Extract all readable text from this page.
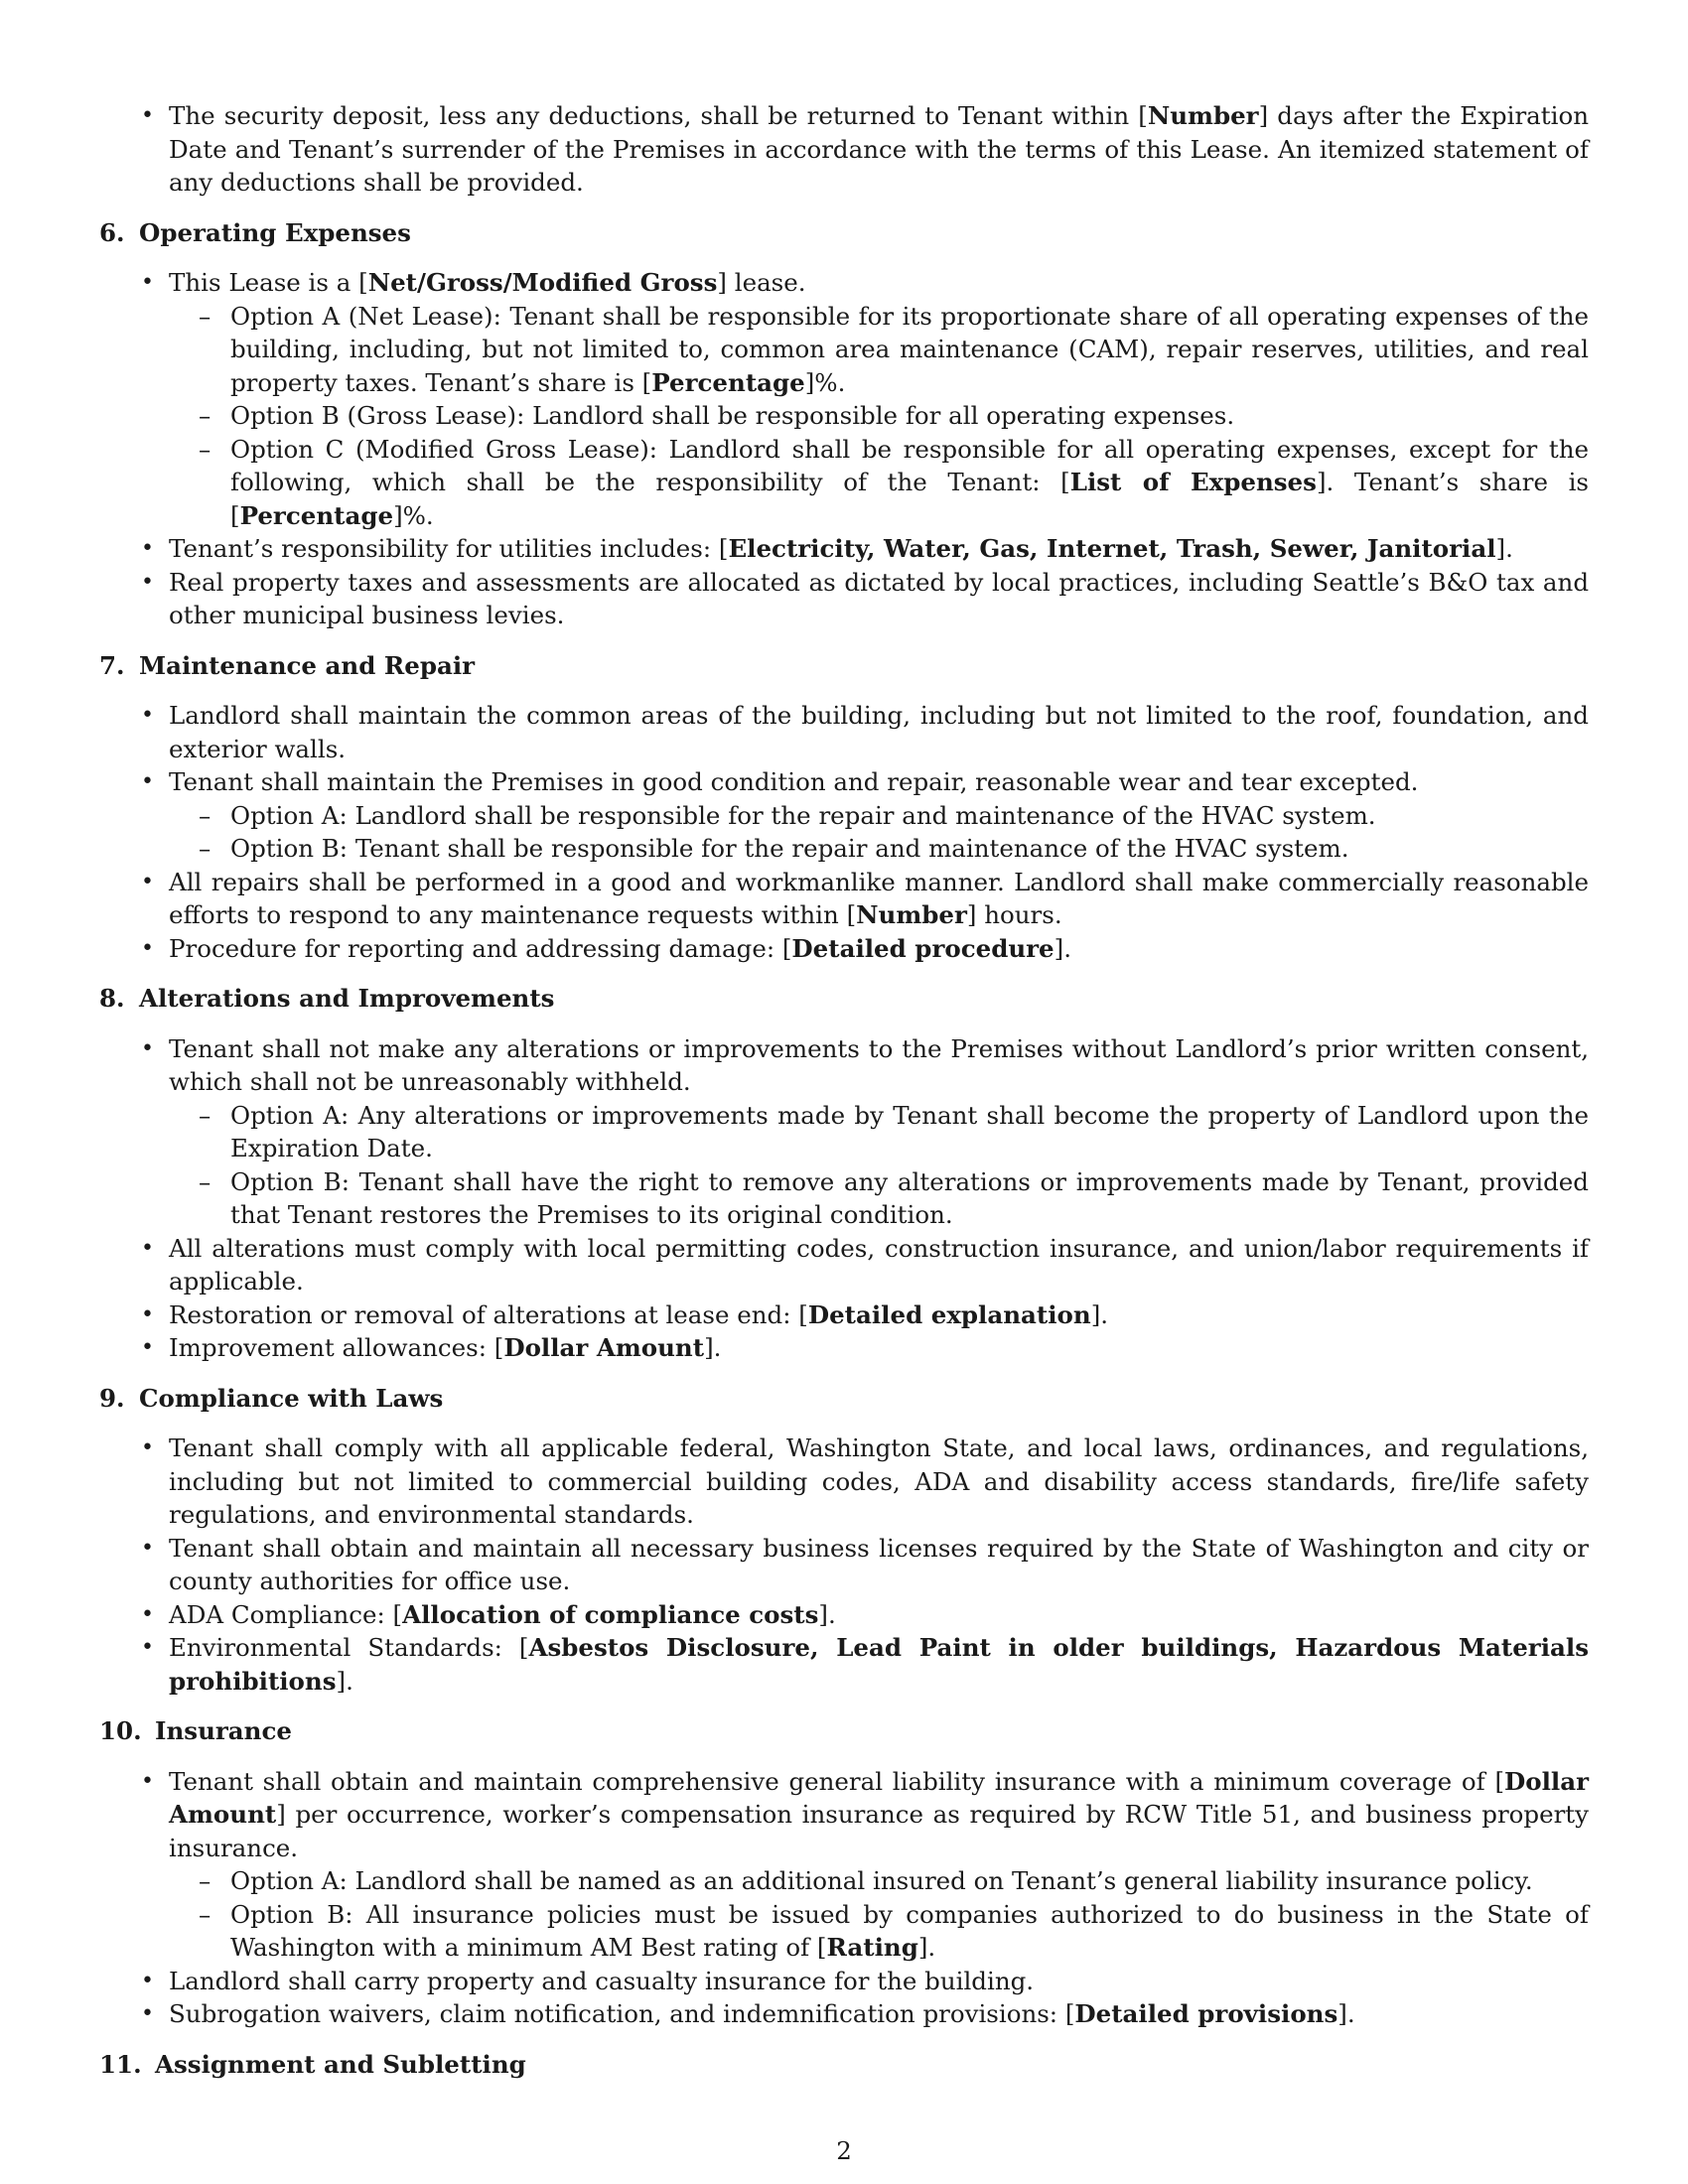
• The security deposit, less any deductions, shall be returned to Tenant within [Number] days after the Expiration Date and Tenant’s surrender of the Premises in accordance with the terms of this Lease. An itemized statement of any deductions shall be provided.
6. Operating Expenses
• This Lease is a [Net/Gross/Modified Gross] lease.
– Option A (Net Lease): Tenant shall be responsible for its proportionate share of all operating expenses of the building, including, but not limited to, common area maintenance (CAM), repair reserves, utilities, and real property taxes. Tenant’s share is [Percentage]%.
– Option B (Gross Lease): Landlord shall be responsible for all operating expenses.
– Option C (Modified Gross Lease): Landlord shall be responsible for all operating expenses, except for the following, which shall be the responsibility of the Tenant: [List of Expenses]. Tenant’s share is [Percentage]%.
• Tenant’s responsibility for utilities includes: [Electricity, Water, Gas, Internet, Trash, Sewer, Janitorial].
• Real property taxes and assessments are allocated as dictated by local practices, including Seattle’s B&O tax and other municipal business levies.
7. Maintenance and Repair
• Landlord shall maintain the common areas of the building, including but not limited to the roof, foundation, and exterior walls.
• Tenant shall maintain the Premises in good condition and repair, reasonable wear and tear excepted.
– Option A: Landlord shall be responsible for the repair and maintenance of the HVAC system.
– Option B: Tenant shall be responsible for the repair and maintenance of the HVAC system.
• All repairs shall be performed in a good and workmanlike manner. Landlord shall make commercially reasonable efforts to respond to any maintenance requests within [Number] hours.
• Procedure for reporting and addressing damage: [Detailed procedure].
8. Alterations and Improvements
• Tenant shall not make any alterations or improvements to the Premises without Landlord’s prior written consent, which shall not be unreasonably withheld.
– Option A: Any alterations or improvements made by Tenant shall become the property of Landlord upon the Expiration Date.
– Option B: Tenant shall have the right to remove any alterations or improvements made by Tenant, provided that Tenant restores the Premises to its original condition.
• All alterations must comply with local permitting codes, construction insurance, and union/labor requirements if applicable.
• Restoration or removal of alterations at lease end: [Detailed explanation].
• Improvement allowances: [Dollar Amount].
9. Compliance with Laws
• Tenant shall comply with all applicable federal, Washington State, and local laws, ordinances, and regulations, including but not limited to commercial building codes, ADA and disability access standards, fire/life safety regulations, and environmental standards.
• Tenant shall obtain and maintain all necessary business licenses required by the State of Washington and city or county authorities for office use.
• ADA Compliance: [Allocation of compliance costs].
• Environmental Standards: [Asbestos Disclosure, Lead Paint in older buildings, Hazardous Materials prohibitions].
10. Insurance
• Tenant shall obtain and maintain comprehensive general liability insurance with a minimum coverage of [Dollar Amount] per occurrence, worker’s compensation insurance as required by RCW Title 51, and business property insurance.
– Option A: Landlord shall be named as an additional insured on Tenant’s general liability insurance policy.
– Option B: All insurance policies must be issued by companies authorized to do business in the State of Washington with a minimum AM Best rating of [Rating].
• Landlord shall carry property and casualty insurance for the building.
• Subrogation waivers, claim notification, and indemnification provisions: [Detailed provisions].
11. Assignment and Subletting
2
